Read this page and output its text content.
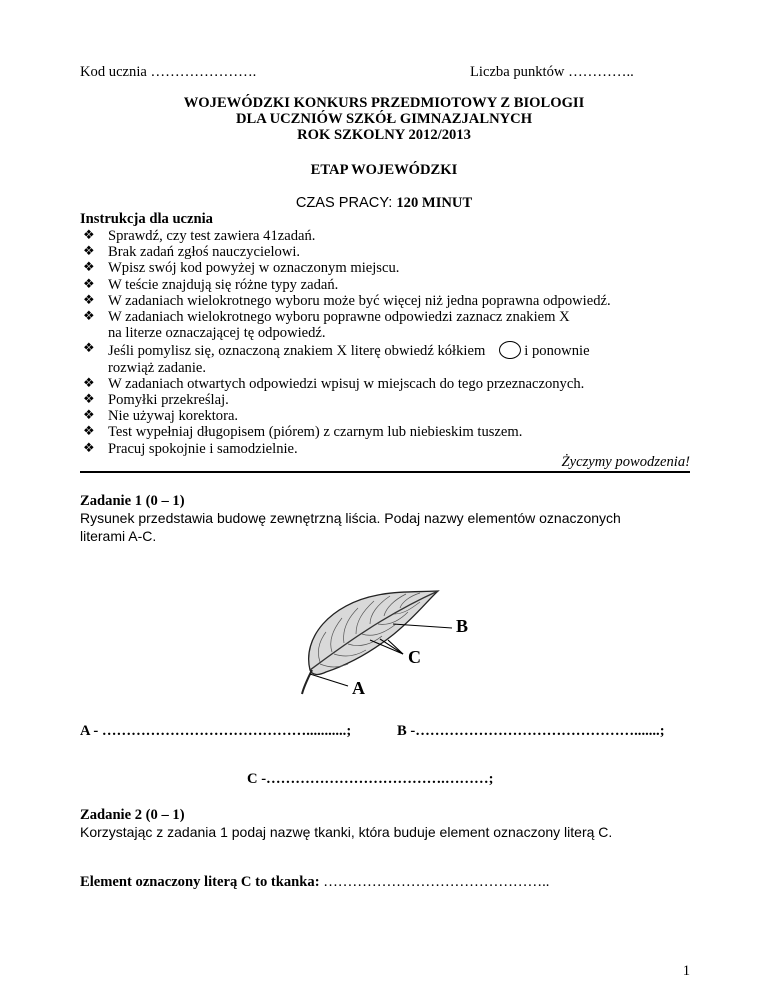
Kod ucznia ………………….	Liczba punktów …………..
WOJEWÓDZKI KONKURS PRZEDMIOTOWY Z BIOLOGII
DLA UCZNIÓW SZKÓŁ GIMNAZJALNYCH
ROK SZKOLNY 2012/2013
ETAP WOJEWÓDZKI
CZAS PRACY: 120 MINUT
Instrukcja dla ucznia
❖ Sprawdź, czy test zawiera 41zadań.
❖ Brak zadań zgłoś nauczycielowi.
❖ Wpisz swój kod powyżej w oznaczonym miejscu.
❖ W teście znajdują się różne typy zadań.
❖ W zadaniach wielokrotnego wyboru może być więcej niż jedna poprawna odpowiedź.
❖ W zadaniach wielokrotnego wyboru poprawne odpowiedzi zaznacz znakiem X
na literze oznaczającej tę odpowiedź.
❖ Jeśli pomylisz się, oznaczoną znakiem X literę obwiedź kółkiem ○ i ponownie
rozwiąż zadanie.
❖ W zadaniach otwartych odpowiedzi wpisuj w miejscach do tego przeznaczonych.
❖ Pomyłki przekreślaj.
❖ Nie używaj korektora.
❖ Test wypełniaj długopisem (piórem) z czarnym lub niebieskim tuszem.
❖ Pracuj spokojnie i samodzielnie.
Życzymy powodzenia!
Zadanie 1 (0 – 1)
Rysunek przedstawia budowę zewnętrzną liścia. Podaj nazwy elementów oznaczonych
literami A-C.
B
C
A
A - ……………………………………...........;	B -……………………………………….......;
C -……………………………….………;
Zadanie 2 (0 – 1)
Korzystając z zadania 1 podaj nazwę tkanki, która buduje element oznaczony literą C.
Element oznaczony literą C to tkanka: ………………………………………..
1
